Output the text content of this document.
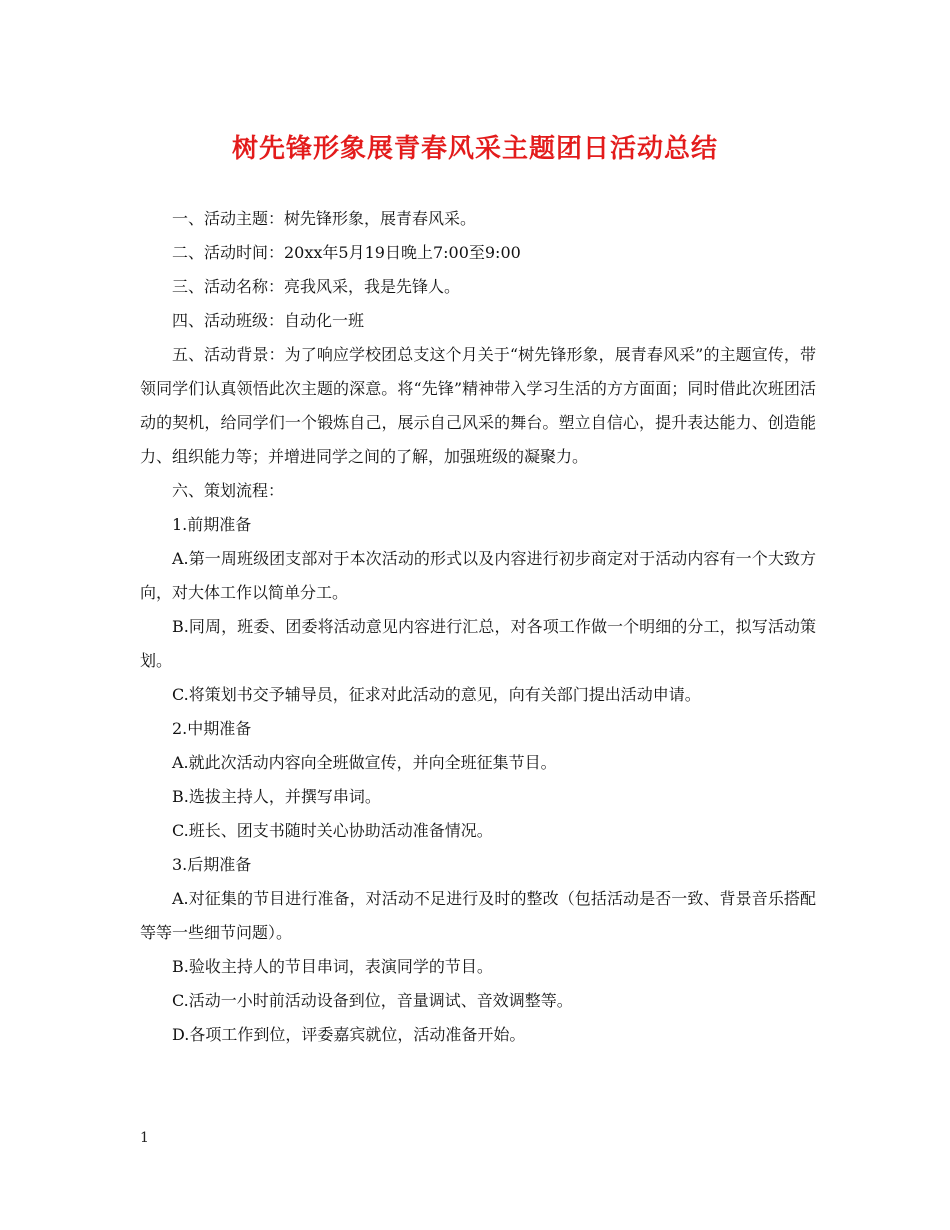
树先锋形象展青春风采主题团日活动总结

一、活动主题：树先锋形象，展青春风采。

二、活动时间：20xx年5月19日晚上7:00至9:00

三、活动名称：亮我风采，我是先锋人。

四、活动班级：自动化一班

五、活动背景：为了响应学校团总支这个月关于“树先锋形象，展青春风采”的主题宣传，带领同学们认真领悟此次主题的深意。将“先锋”精神带入学习生活的方方面面；同时借此次班团活动的契机，给同学们一个锻炼自己，展示自己风采的舞台。塑立自信心，提升表达能力、创造能力、组织能力等；并增进同学之间的了解，加强班级的凝聚力。

六、策划流程：

1.前期准备

A.第一周班级团支部对于本次活动的形式以及内容进行初步商定对于活动内容有一个大致方向，对大体工作以简单分工。

B.同周，班委、团委将活动意见内容进行汇总，对各项工作做一个明细的分工，拟写活动策划。

C.将策划书交予辅导员，征求对此活动的意见，向有关部门提出活动申请。

2.中期准备

A.就此次活动内容向全班做宣传，并向全班征集节目。

B.选拔主持人，并撰写串词。

C.班长、团支书随时关心协助活动准备情况。

3.后期准备

A.对征集的节目进行准备，对活动不足进行及时的整改（包括活动是否一致、背景音乐搭配等等一些细节问题）。

B.验收主持人的节目串词，表演同学的节目。

C.活动一小时前活动设备到位，音量调试、音效调整等。

D.各项工作到位，评委嘉宾就位，活动准备开始。

1
